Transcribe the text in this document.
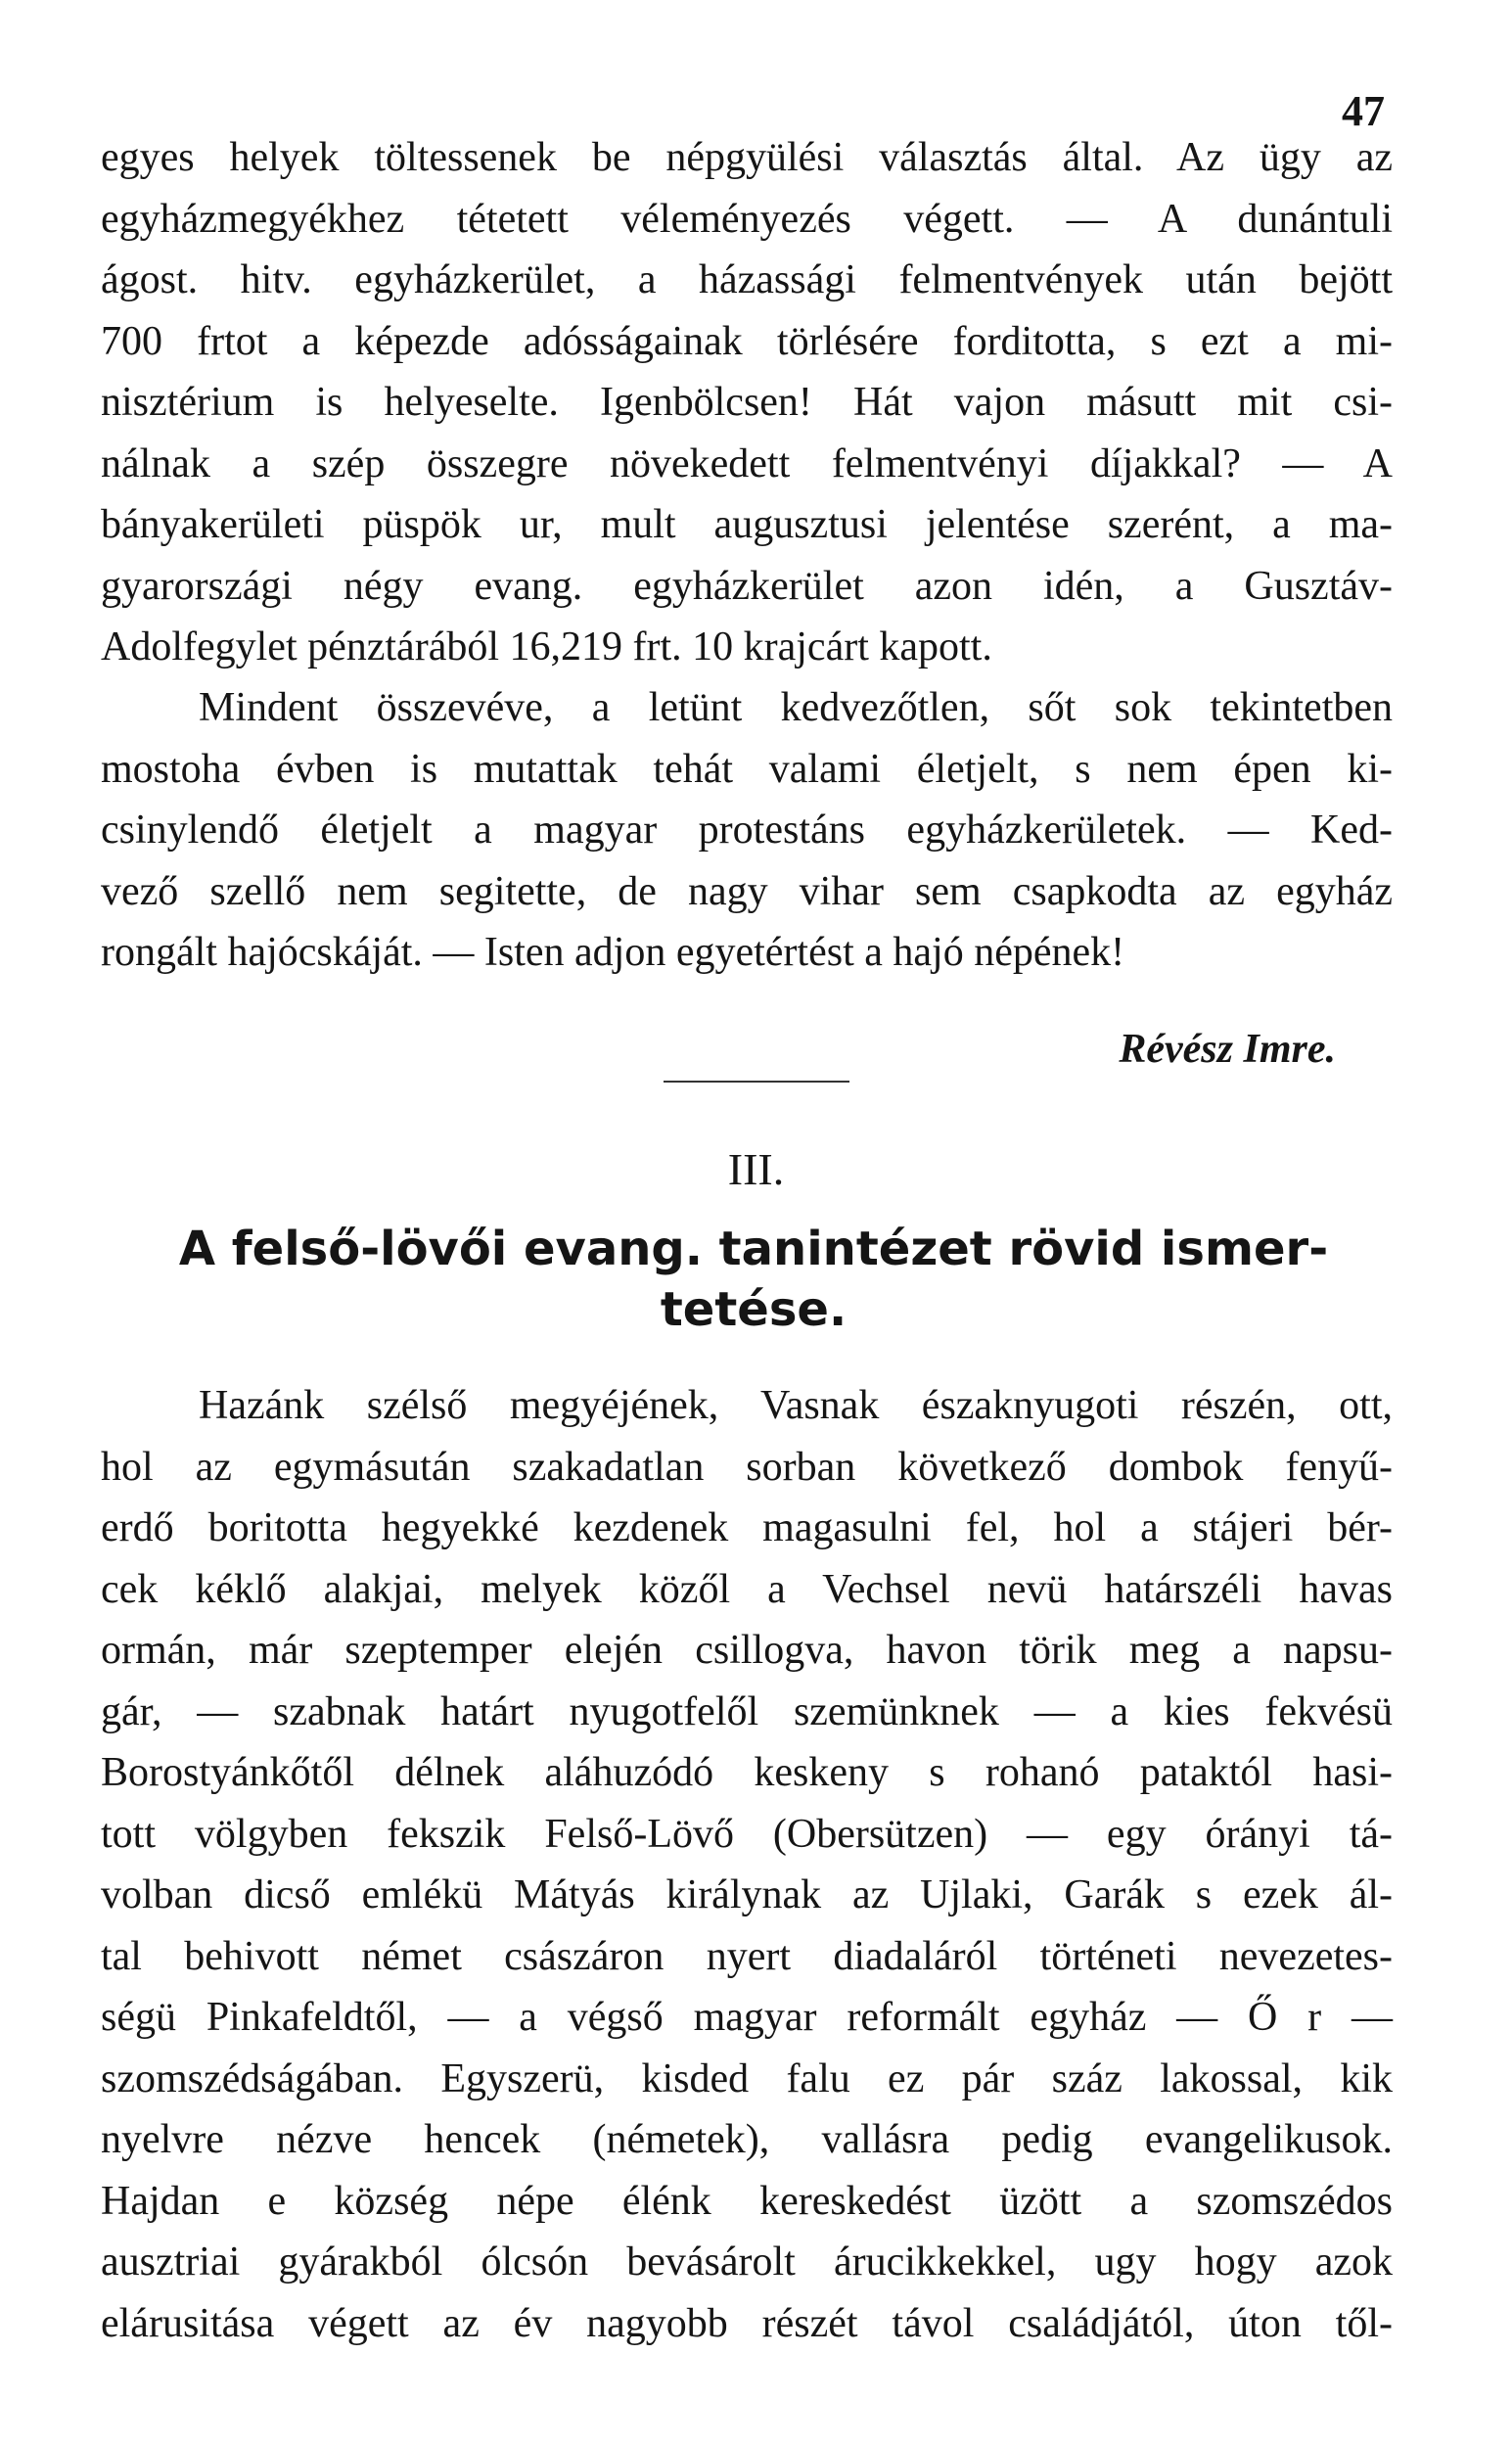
47
egyes helyek töltessenek be népgyülési választás által. Az ügy az
egyházmegyékhez tétetett véleményezés végett. — A dunántuli
ágost. hitv. egyházkerület, a házassági felmentvények után bejött
700 frtot a képezde adósságainak törlésére forditotta, s ezt a mi-
nisztérium is helyeselte. Igenbölcsen! Hát vajon másutt mit csi-
nálnak a szép összegre növekedett felmentvényi díjakkal? — A
bányakerületi püspök ur, mult augusztusi jelentése szerént, a ma-
gyarországi négy evang. egyházkerület azon idén, a Gusztáv-
Adolfegylet pénztárából 16,219 frt. 10 krajcárt kapott.
Mindent összevéve, a letünt kedvezőtlen, sőt sok tekintetben
mostoha évben is mutattak tehát valami életjelt, s nem épen ki-
csinylendő életjelt a magyar protestáns egyházkerületek. — Ked-
vező szellő nem segitette, de nagy vihar sem csapkodta az egyház
rongált hajócskáját. — Isten adjon egyetértést a hajó népének!
Révész Imre.
III.
A felső-lövői evang. tanintézet rövid ismer-
tetése.
Hazánk szélső megyéjének, Vasnak északnyugoti részén, ott,
hol az egymásután szakadatlan sorban következő dombok fenyű-
erdő boritotta hegyekké kezdenek magasulni fel, hol a stájeri bér-
cek kéklő alakjai, melyek közől a Vechsel nevü határszéli havas
ormán, már szeptemper elején csillogva, havon törik meg a napsu-
gár, — szabnak határt nyugotfelől szemünknek — a kies fekvésü
Borostyánkőtől délnek aláhuzódó keskeny s rohanó pataktól hasi-
tott völgyben fekszik Felső-Lövő (Obersützen) — egy órányi tá-
volban dicső emlékü Mátyás királynak az Ujlaki, Garák s ezek ál-
tal behivott német császáron nyert diadaláról történeti nevezetes-
ségü Pinkafeldtől, — a végső magyar reformált egyház — Ő r —
szomszédságában. Egyszerü, kisded falu ez pár száz lakossal, kik
nyelvre nézve hencek (németek), vallásra pedig evangelikusok.
Hajdan e község népe élénk kereskedést üzött a szomszédos
ausztriai gyárakból ólcsón bevásárolt árucikkekkel, ugy hogy azok
elárusitása végett az év nagyobb részét távol családjától, úton től-
